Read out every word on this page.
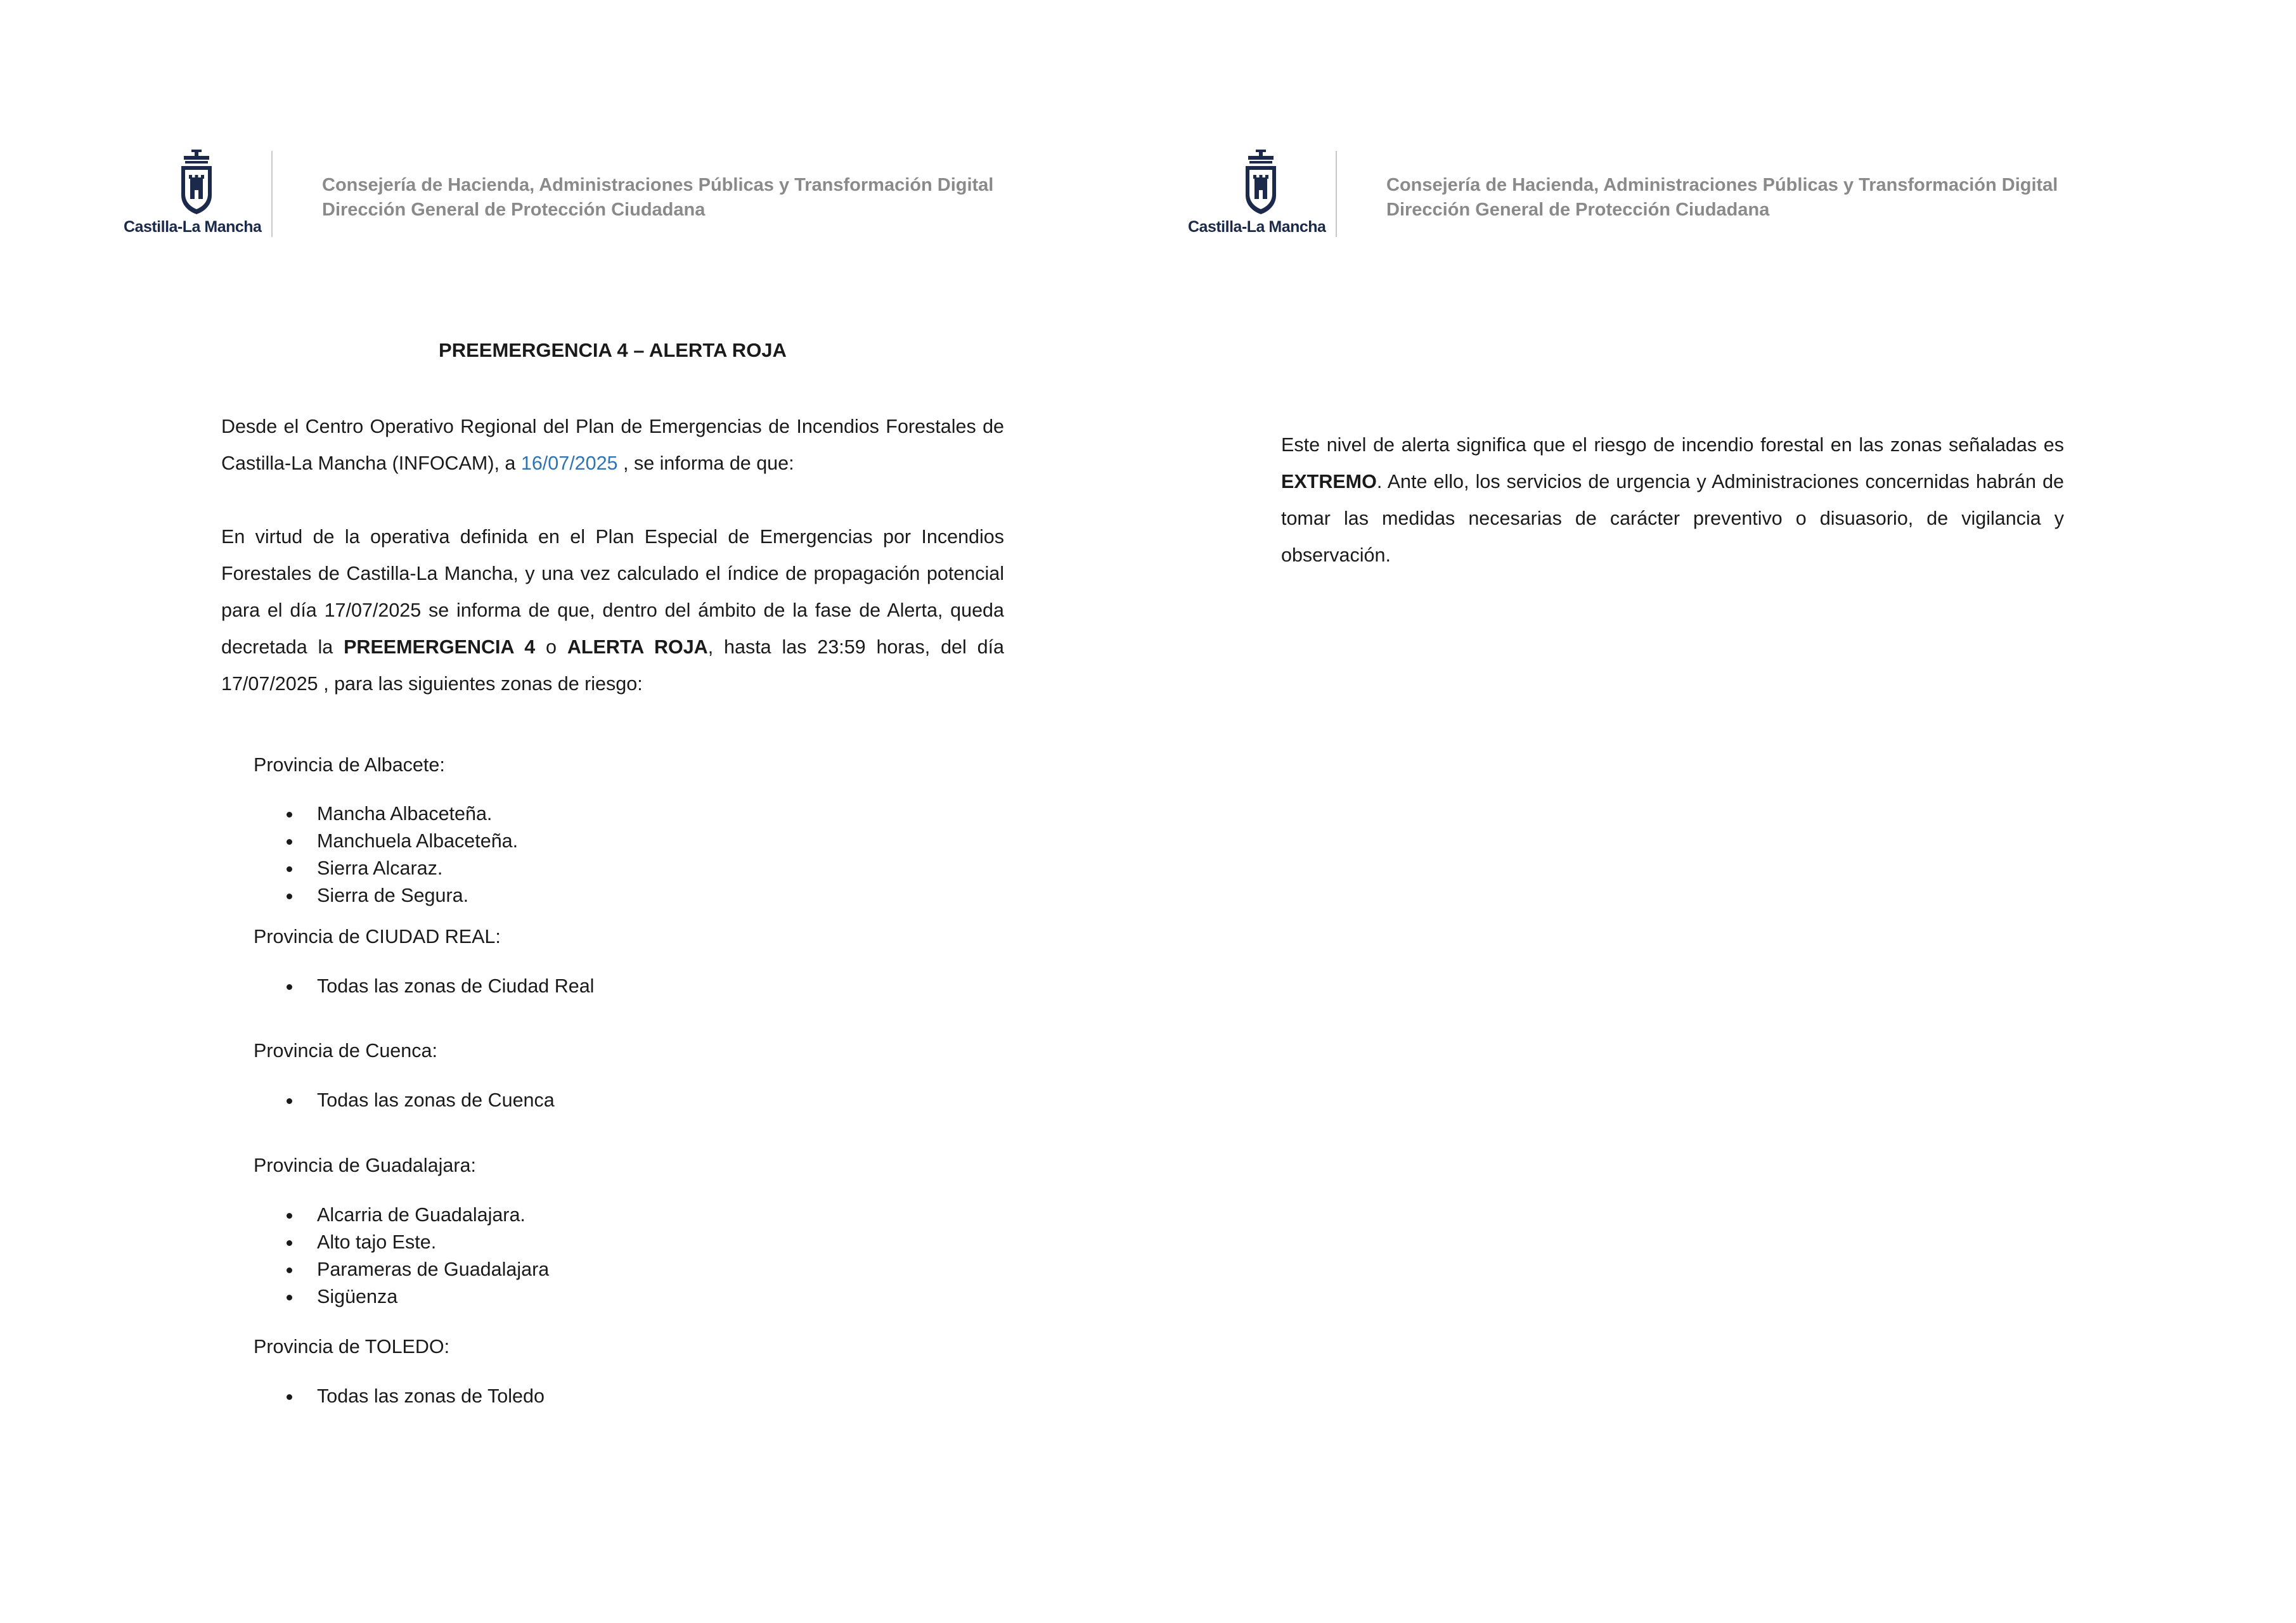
Castilla-La Mancha
Consejería de Hacienda, Administraciones Públicas y Transformación Digital
Dirección General de Protección Ciudadana
PREEMERGENCIA 4 – ALERTA ROJA
Desde el Centro Operativo Regional del Plan de Emergencias de Incendios Forestales de Castilla-La Mancha (INFOCAM), a 16/07/2025 , se informa de que:
En virtud de la operativa definida en el Plan Especial de Emergencias por Incendios Forestales de Castilla-La Mancha, y una vez calculado el índice de propagación potencial para el día 17/07/2025 se informa de que, dentro del ámbito de la fase de Alerta, queda decretada la PREEMERGENCIA 4 o ALERTA ROJA, hasta las 23:59 horas, del día 17/07/2025 , para las siguientes zonas de riesgo:
Provincia de Albacete:
Mancha Albaceteña.
Manchuela Albaceteña.
Sierra Alcaraz.
Sierra de Segura.
Provincia de CIUDAD REAL:
Todas las zonas de Ciudad Real
Provincia de Cuenca:
Todas las zonas de Cuenca
Provincia de Guadalajara:
Alcarria de Guadalajara.
Alto tajo Este.
Parameras de Guadalajara
Sigüenza
Provincia de TOLEDO:
Todas las zonas de Toledo
Castilla-La Mancha
Consejería de Hacienda, Administraciones Públicas y Transformación Digital
Dirección General de Protección Ciudadana
Este nivel de alerta significa que el riesgo de incendio forestal en las zonas señaladas es EXTREMO. Ante ello, los servicios de urgencia y Administraciones concernidas habrán de tomar las medidas necesarias de carácter preventivo o disuasorio, de vigilancia y observación.
